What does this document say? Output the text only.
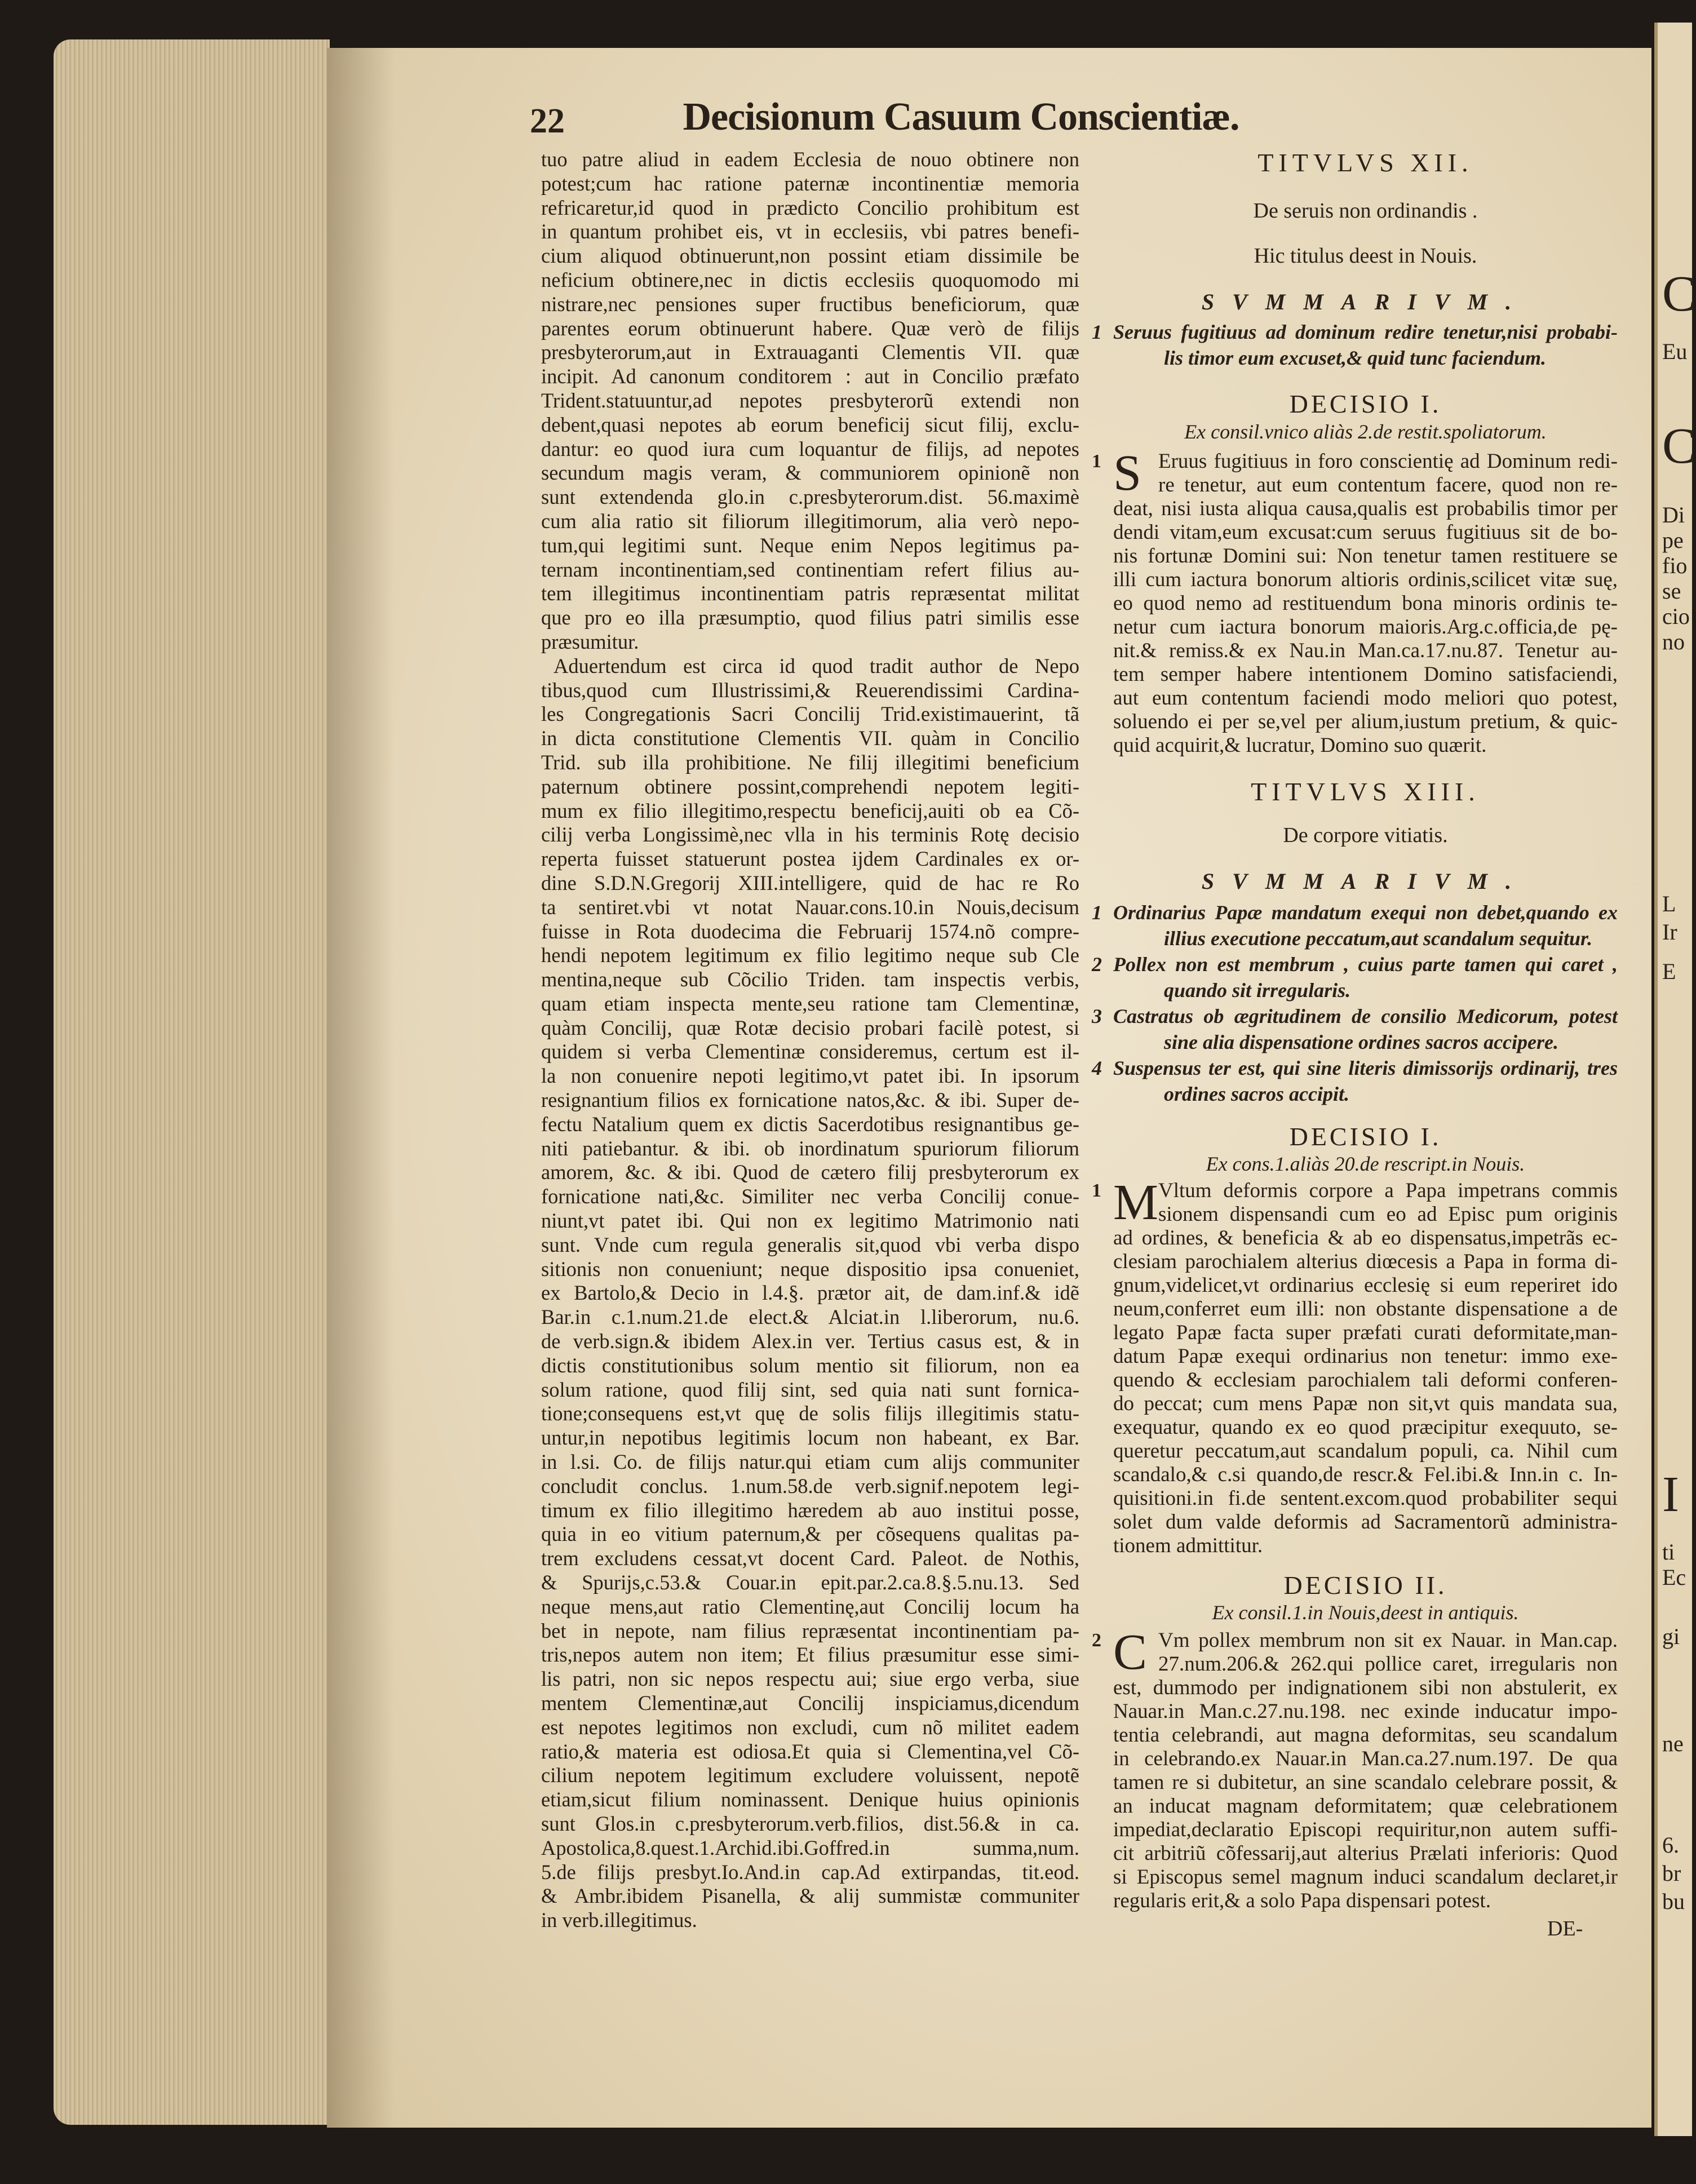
C
Eu
C
Di
pe
fio
se
cio
no
L
Ir
E
I
ti
Ec
gi
ne
6.
br
bu
22	Decisionum Casuum Conscientiæ.
tuo patre aliud in eadem Ecclesia de nouo obtinere non
potest;cum hac ratione paternæ incontinentiæ memoria
refricaretur,id quod in prædicto Concilio prohibitum est
in quantum prohibet eis, vt in ecclesiis, vbi patres benefi-
cium aliquod obtinuerunt,non possint etiam dissimile be
neficium obtinere,nec in dictis ecclesiis quoquomodo mi
nistrare,nec pensiones super fructibus beneficiorum, quæ
parentes eorum obtinuerunt habere. Quæ verò de filijs
presbyterorum,aut in Extrauaganti Clementis VII. quæ
incipit. Ad canonum conditorem : aut in Concilio præfato
Trident.statuuntur,ad nepotes presbyterorũ extendi non
debent,quasi nepotes ab eorum beneficij sicut filij, exclu-
dantur: eo quod iura cum loquantur de filijs, ad nepotes
secundum magis veram, & communiorem opinionẽ non
sunt extendenda glo.in c.presbyterorum.dist. 56.maximè
cum alia ratio sit filiorum illegitimorum, alia verò nepo-
tum,qui legitimi sunt. Neque enim Nepos legitimus pa-
ternam incontinentiam,sed continentiam refert filius au-
tem illegitimus incontinentiam patris repræsentat militat
que pro eo illa præsumptio, quod filius patri similis esse
præsumitur.
Aduertendum est circa id quod tradit author de Nepo
tibus,quod cum Illustrissimi,& Reuerendissimi Cardina-
les Congregationis Sacri Concilij Trid.existimauerint, tã
in dicta constitutione Clementis VII. quàm in Concilio
Trid. sub illa prohibitione. Ne filij illegitimi beneficium
paternum obtinere possint,comprehendi nepotem legiti-
mum ex filio illegitimo,respectu beneficij,auiti ob ea Cõ-
cilij verba Longissimè,nec vlla in his terminis Rotę decisio
reperta fuisset statuerunt postea ijdem Cardinales ex or-
dine S.D.N.Gregorij XIII.intelligere, quid de hac re Ro
ta sentiret.vbi vt notat Nauar.cons.10.in Nouis,decisum
fuisse in Rota duodecima die Februarij 1574.nõ compre-
hendi nepotem legitimum ex filio legitimo neque sub Cle
mentina,neque sub Cõcilio Triden. tam inspectis verbis,
quam etiam inspecta mente,seu ratione tam Clementinæ,
quàm Concilij, quæ Rotæ decisio probari facilè potest, si
quidem si verba Clementinæ consideremus, certum est il-
la non conuenire nepoti legitimo,vt patet ibi. In ipsorum
resignantium filios ex fornicatione natos,&c. & ibi. Super de-
fectu Natalium quem ex dictis Sacerdotibus resignantibus ge-
niti patiebantur. & ibi. ob inordinatum spuriorum filiorum
amorem, &c. & ibi. Quod de cætero filij presbyterorum ex
fornicatione nati,&c. Similiter nec verba Concilij conue-
niunt,vt patet ibi. Qui non ex legitimo Matrimonio nati
sunt. Vnde cum regula generalis sit,quod vbi verba dispo
sitionis non conueniunt; neque dispositio ipsa conueniet,
ex Bartolo,& Decio in l.4.§. prætor ait, de dam.inf.& idẽ
Bar.in c.1.num.21.de elect.& Alciat.in l.liberorum, nu.6.
de verb.sign.& ibidem Alex.in ver. Tertius casus est, & in
dictis constitutionibus solum mentio sit filiorum, non ea
solum ratione, quod filij sint, sed quia nati sunt fornica-
tione;consequens est,vt quę de solis filijs illegitimis statu-
untur,in nepotibus legitimis locum non habeant, ex Bar.
in l.si. Co. de filijs natur.qui etiam cum alijs communiter
concludit conclus. 1.num.58.de verb.signif.nepotem legi-
timum ex filio illegitimo hæredem ab auo institui posse,
quia in eo vitium paternum,& per cõsequens qualitas pa-
trem excludens cessat,vt docent Card. Paleot. de Nothis,
& Spurijs,c.53.& Couar.in epit.par.2.ca.8.§.5.nu.13. Sed
neque mens,aut ratio Clementinę,aut Concilij locum ha
bet in nepote, nam filius repræsentat incontinentiam pa-
tris,nepos autem non item; Et filius præsumitur esse simi-
lis patri, non sic nepos respectu aui; siue ergo verba, siue
mentem Clementinæ,aut Concilij inspiciamus,dicendum
est nepotes legitimos non excludi, cum nõ militet eadem
ratio,& materia est odiosa.Et quia si Clementina,vel Cõ-
cilium nepotem legitimum excludere voluissent, nepotẽ
etiam,sicut filium nominassent. Denique huius opinionis
sunt Glos.in c.presbyterorum.verb.filios, dist.56.& in ca.
Apostolica,8.quest.1.Archid.ibi.Goffred.in summa,num.
5.de filijs presbyt.Io.And.in cap.Ad extirpandas, tit.eod.
& Ambr.ibidem Pisanella, & alij summistæ communiter
in verb.illegitimus.
TITVLVS XII.
De seruis non ordinandis .
Hic titulus deest in Nouis.
SVMMARIVM.
1 Seruus fugitiuus ad dominum redire tenetur,nisi probabi-
lis timor eum excuset,& quid tunc faciendum.
DECISIO I.
Ex consil.vnico aliàs 2.de restit.spoliatorum.
1 S Eruus fugitiuus in foro conscientię ad Dominum redi-
re tenetur, aut eum contentum facere, quod non re-
deat, nisi iusta aliqua causa,qualis est probabilis timor per
dendi vitam,eum excusat:cum seruus fugitiuus sit de bo-
nis fortunæ Domini sui: Non tenetur tamen restituere se
illi cum iactura bonorum altioris ordinis,scilicet vitæ suę,
eo quod nemo ad restituendum bona minoris ordinis te-
netur cum iactura bonorum maioris.Arg.c.officia,de pę-
nit.& remiss.& ex Nau.in Man.ca.17.nu.87. Tenetur au-
tem semper habere intentionem Domino satisfaciendi,
aut eum contentum faciendi modo meliori quo potest,
soluendo ei per se,vel per alium,iustum pretium, & quic-
quid acquirit,& lucratur, Domino suo quærit.
TITVLVS XIII.
De corpore vitiatis.
SVMMARIVM.
1 Ordinarius Papæ mandatum exequi non debet,quando ex
illius executione peccatum,aut scandalum sequitur.
2 Pollex non est membrum , cuius parte tamen qui caret ,
quando sit irregularis.
3 Castratus ob ægritudinem de consilio Medicorum, potest
sine alia dispensatione ordines sacros accipere.
4 Suspensus ter est, qui sine literis dimissorijs ordinarij, tres
ordines sacros accipit.
DECISIO I.
Ex cons.1.aliàs 20.de rescript.in Nouis.
1 M Vltum deformis corpore a Papa impetrans commis
sionem dispensandi cum eo ad Episc pum originis
ad ordines, & beneficia & ab eo dispensatus,impetrãs ec-
clesiam parochialem alterius diœcesis a Papa in forma di-
gnum,videlicet,vt ordinarius ecclesię si eum reperiret ido
neum,conferret eum illi: non obstante dispensatione a de
legato Papæ facta super præfati curati deformitate,man-
datum Papæ exequi ordinarius non tenetur: immo exe-
quendo & ecclesiam parochialem tali deformi conferen-
do peccat; cum mens Papæ non sit,vt quis mandata sua,
exequatur, quando ex eo quod præcipitur exequuto, se-
queretur peccatum,aut scandalum populi, ca. Nihil cum
scandalo,& c.si quando,de rescr.& Fel.ibi.& Inn.in c. In-
quisitioni.in fi.de sentent.excom.quod probabiliter sequi
solet dum valde deformis ad Sacramentorũ administra-
tionem admittitur.
DECISIO II.
Ex consil.1.in Nouis,deest in antiquis.
2 C Vm pollex membrum non sit ex Nauar. in Man.cap.
27.num.206.& 262.qui pollice caret, irregularis non
est, dummodo per indignationem sibi non abstulerit, ex
Nauar.in Man.c.27.nu.198. nec exinde inducatur impo-
tentia celebrandi, aut magna deformitas, seu scandalum
in celebrando.ex Nauar.in Man.ca.27.num.197. De qua
tamen re si dubitetur, an sine scandalo celebrare possit, &
an inducat magnam deformitatem; quæ celebrationem
impediat,declaratio Episcopi requiritur,non autem suffi-
cit arbitriũ cõfessarij,aut alterius Prælati inferioris: Quod
si Episcopus semel magnum induci scandalum declaret,ir
regularis erit,& a solo Papa dispensari potest.
DE-
